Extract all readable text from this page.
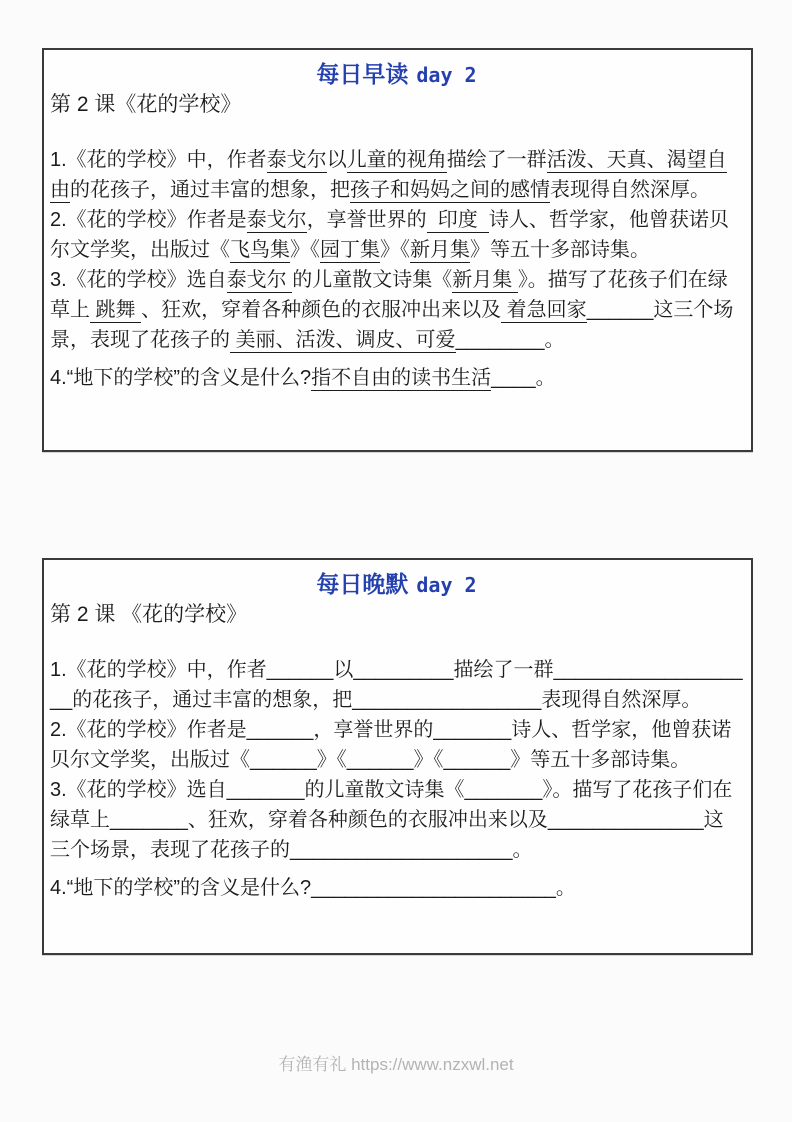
每日早读 day 2
第 2 课《花的学校》

1.《花的学校》中，作者泰戈尔以儿童的视角描绘了一群活泼、天真、渴望自由的花孩子，通过丰富的想象，把孩子和妈妈之间的感情表现得自然深厚。

2.《花的学校》作者是泰戈尔，享誉世界的  印度  诗人、哲学家，他曾获诺贝尔文学奖，出版过《飞鸟集》《园丁集》《新月集》等五十多部诗集。

3.《花的学校》选自泰戈尔 的儿童散文诗集《新月集 》。描写了花孩子们在绿草上 跳舞 、狂欢，穿着各种颜色的衣服冲出来以及 着急回家______这三个场景，表现了花孩子的 美丽、活泼、调皮、可爱________。

4.“地下的学校”的含义是什么?指不自由的读书生活____。

每日晚默 day 2
第 2 课 《花的学校》

1.《花的学校》中，作者______以_________描绘了一群___________________的花孩子，通过丰富的想象，把_________________表现得自然深厚。

2.《花的学校》作者是______，享誉世界的_______诗人、哲学家，他曾获诺贝尔文学奖，出版过《______》《______》《______》等五十多部诗集。

3.《花的学校》选自_______的儿童散文诗集《_______》。描写了花孩子们在绿草上_______、狂欢，穿着各种颜色的衣服冲出来以及______________这三个场景，表现了花孩子的____________________。

4.“地下的学校”的含义是什么?______________________。

有渔有礼 https://www.nzxwl.net
